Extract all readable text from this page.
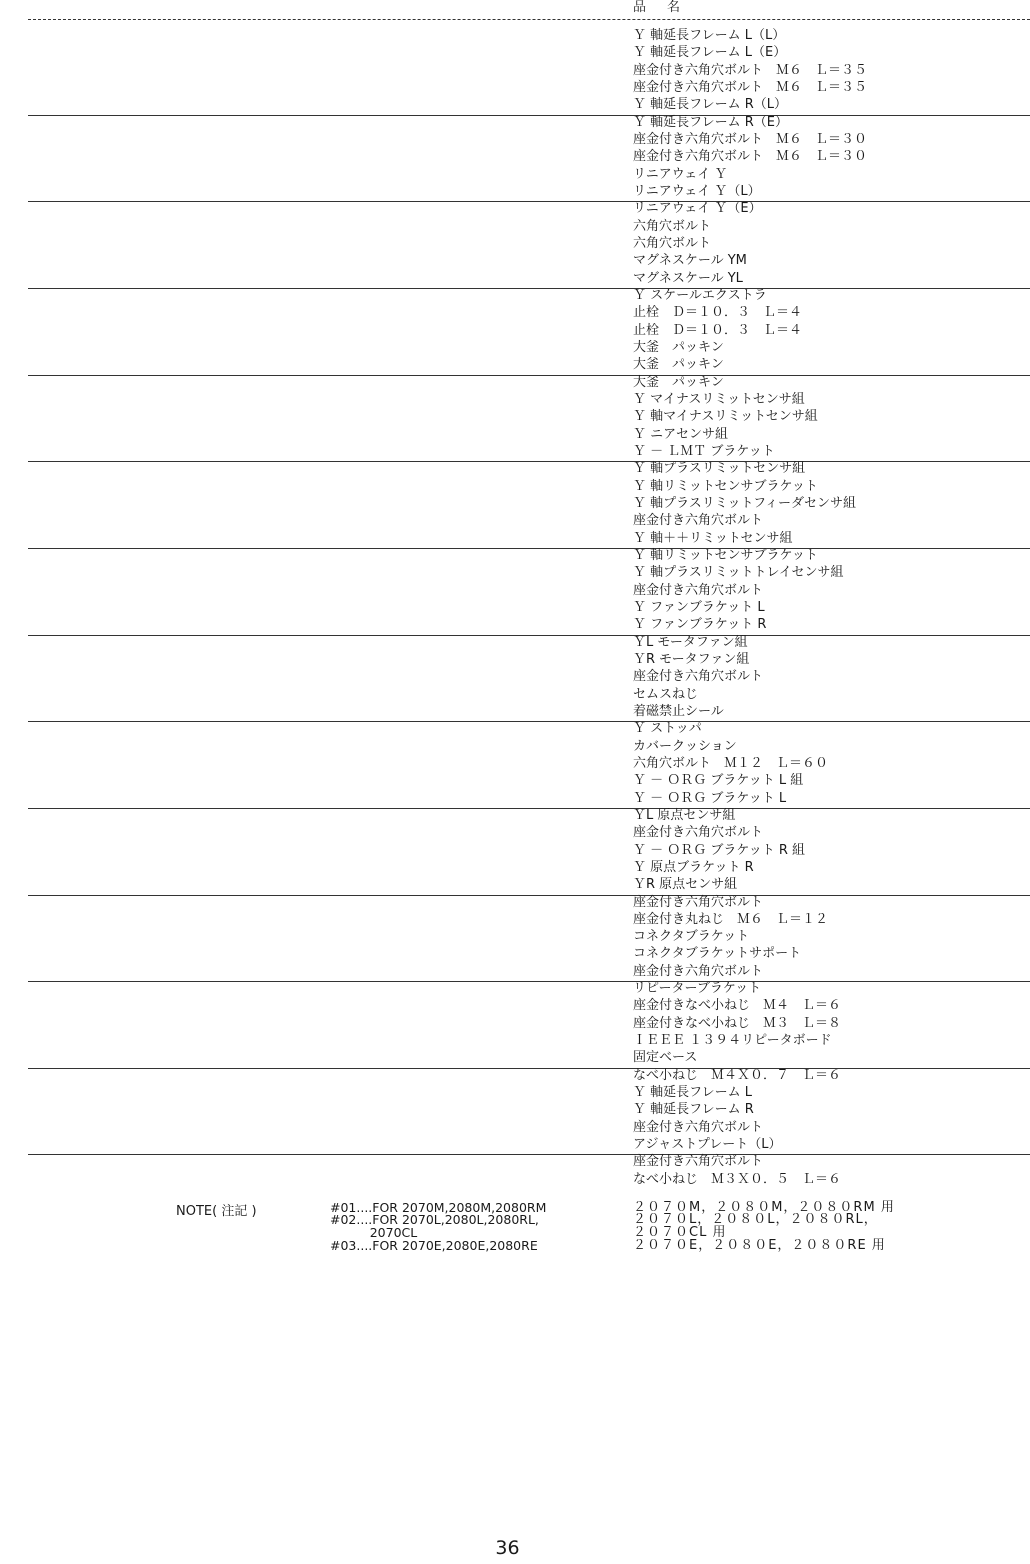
品　名
Ｙ 軸延長フレーム L（L）
Ｙ 軸延長フレーム L（E）
座金付き六角穴ボルト　Ｍ６　Ｌ＝３５
座金付き六角穴ボルト　Ｍ６　Ｌ＝３５
Ｙ 軸延長フレーム R（L）
Ｙ 軸延長フレーム R（E）
座金付き六角穴ボルト　Ｍ６　Ｌ＝３０
座金付き六角穴ボルト　Ｍ６　Ｌ＝３０
リニアウェイ Ｙ
リニアウェイ Ｙ（L）
リニアウェイ Ｙ（E）
六角穴ボルト
六角穴ボルト
マグネスケール YM
マグネスケール YL
Ｙ スケールエクストラ
止栓　Ｄ＝１０．３　Ｌ＝４
止栓　Ｄ＝１０．３　Ｌ＝４
大釜　パッキン
大釜　パッキン
大釜　パッキン
Ｙ マイナスリミットセンサ組
Ｙ 軸マイナスリミットセンサ組
Ｙ ニアセンサ組
Ｙ － ＬＭＴ ブラケット
Ｙ 軸プラスリミットセンサ組
Ｙ 軸リミットセンサブラケット
Ｙ 軸プラスリミットフィーダセンサ組
座金付き六角穴ボルト
Ｙ 軸＋＋リミットセンサ組
Ｙ 軸リミットセンサブラケット
Ｙ 軸プラスリミットトレイセンサ組
座金付き六角穴ボルト
Ｙ ファンブラケット L
Ｙ ファンブラケット R
ＹL モータファン組
ＹR モータファン組
座金付き六角穴ボルト
セムスねじ
着磁禁止シール
Ｙ ストッパ
カバークッション
六角穴ボルト　Ｍ１２　Ｌ＝６０
Ｙ － ＯＲＧ ブラケット L 組
Ｙ － ＯＲＧ ブラケット L
ＹL 原点センサ組
座金付き六角穴ボルト
Ｙ － ＯＲＧ ブラケット R 組
Ｙ 原点ブラケット R
ＹR 原点センサ組
座金付き六角穴ボルト
座金付き丸ねじ　Ｍ６　Ｌ＝１２
コネクタブラケット
コネクタブラケットサポート
座金付き六角穴ボルト
リピーターブラケット
座金付きなべ小ねじ　Ｍ４　Ｌ＝６
座金付きなべ小ねじ　Ｍ３　Ｌ＝８
ＩＥＥＥ １３９４リピータボード
固定ベース
なべ小ねじ　Ｍ４Ｘ０．７　Ｌ＝６
Ｙ 軸延長フレーム L
Ｙ 軸延長フレーム R
座金付き六角穴ボルト
アジャストプレート（L）
座金付き六角穴ボルト
なべ小ねじ　Ｍ３Ｘ０．５　Ｌ＝６
NOTE( 注記 )	#01....FOR 2070M,2080M,2080RM
#02....FOR 2070L,2080L,2080RL,
2070CL
#03....FOR 2070E,2080E,2080RE
２０７０M，２０８０M，２０８０RM 用
２０７０L，２０８０L，２０８０RL，
２０７０CL 用
２０７０E，２０８０E，２０８０RE 用
36
